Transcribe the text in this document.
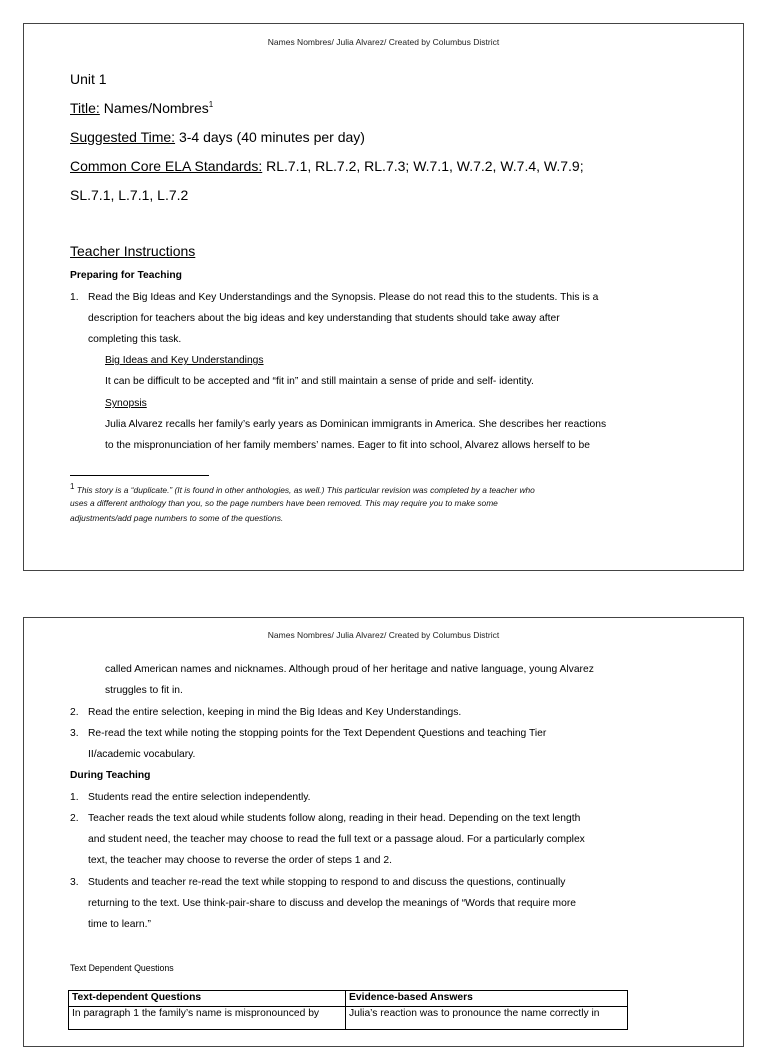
Names Nombres/ Julia Alvarez/ Created by Columbus District
Unit 1
Title: Names/Nombres$^1$
Suggested Time: 3-4 days (40 minutes per day)
Common Core ELA Standards: RL.7.1, RL.7.2, RL.7.3; W.7.1, W.7.2, W.7.4, W.7.9;
SL.7.1, L.7.1, L.7.2
Teacher Instructions
Preparing for Teaching
1. Read the Big Ideas and Key Understandings and the Synopsis. Please do not read this to the students. This is a
description for teachers about the big ideas and key understanding that students should take away after
completing this task.
Big Ideas and Key Understandings
It can be difficult to be accepted and “fit in” and still maintain a sense of pride and self- identity.
Synopsis
Julia Alvarez recalls her family’s early years as Dominican immigrants in America. She describes her reactions
to the mispronunciation of her family members’ names. Eager to fit into school, Alvarez allows herself to be
1 This story is a “duplicate.” (It is found in other anthologies, as well.) This particular revision was completed by a teacher who
uses a different anthology than you, so the page numbers have been removed. This may require you to make some
adjustments/add page numbers to some of the questions.
Names Nombres/ Julia Alvarez/ Created by Columbus District
called American names and nicknames. Although proud of her heritage and native language, young Alvarez
struggles to fit in.
2. Read the entire selection, keeping in mind the Big Ideas and Key Understandings.
3. Re-read the text while noting the stopping points for the Text Dependent Questions and teaching Tier
II/academic vocabulary.
During Teaching
1. Students read the entire selection independently.
2. Teacher reads the text aloud while students follow along, reading in their head. Depending on the text length
and student need, the teacher may choose to read the full text or a passage aloud. For a particularly complex
text, the teacher may choose to reverse the order of steps 1 and 2.
3. Students and teacher re-read the text while stopping to respond to and discuss the questions, continually
returning to the text. Use think-pair-share to discuss and develop the meanings of “Words that require more
time to learn.”
Text Dependent Questions
Text-dependent Questions	Evidence-based Answers
In paragraph 1 the family’s name is mispronounced by	Julia’s reaction was to pronounce the name correctly in
